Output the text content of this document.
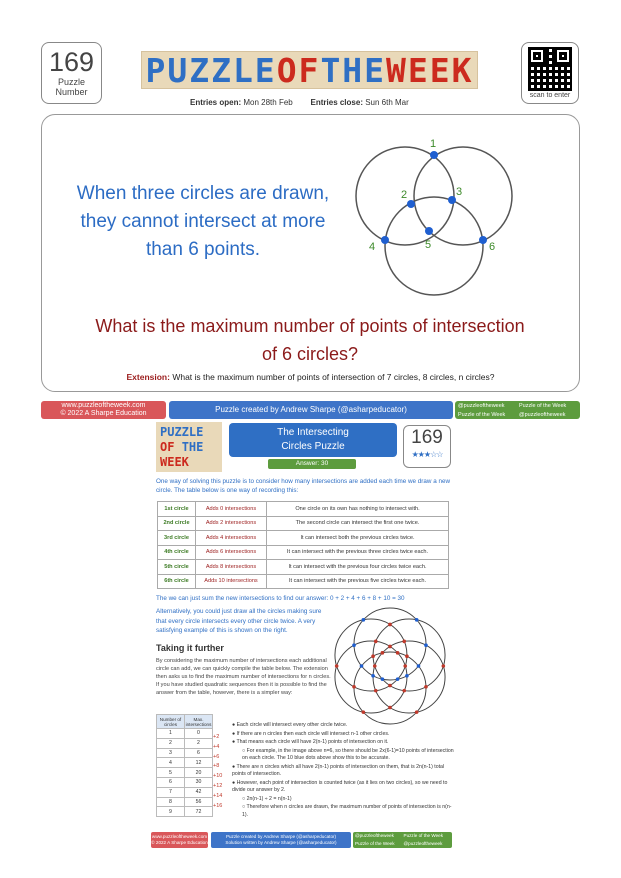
169
Puzzle
Number
PUZZLE OF THE WEEK
Entries open: Mon 28th Feb Entries close: Sun 6th Mar
scan to enter
When three circles are drawn, they cannot intersect at more than 6 points.
1
2	3
4	5	6
What is the maximum number of points of intersection of 6 circles?
Extension: What is the maximum number of points of intersection of 7 circles, 8 circles, n circles?
www.puzzleoftheweek.com
© 2022 A Sharpe Education	Puzzle created by Andrew Sharpe (@asharpeducator)	@puzzleoftheweek	Puzzle of the Week
Puzzle of the Week	@puzzleoftheweek
PUZZLE
OF THE
WEEK
The Intersecting
Circles Puzzle
Answer: 30
169
★★★☆☆
One way of solving this puzzle is to consider how many intersections are added each time we draw a new circle. The table below is one way of recording this:
1st circle	Adds 0 intersections	One circle on its own has nothing to intersect with.
2nd circle	Adds 2 intersections	The second circle can intersect the first one twice.
3rd circle	Adds 4 intersections	It can intersect both the previous circles twice.
4th circle	Adds 6 intersections	It can intersect with the previous three circles twice each.
5th circle	Adds 8 intersections	It can intersect with the previous four circles twice each.
6th circle	Adds 10 intersections	It can intersect with the previous five circles twice each.
The we can just sum the new intersections to find our answer: 0 + 2 + 4 + 6 + 8 + 10 = 30
Alternatively, you could just draw all the circles making sure that every circle intersects every other circle twice. A very satisfying example of this is shown on the right.
Taking it further
By considering the maximum number of intersections each additional circle can add, we can quickly compile the table below. The extension then asks us to find the maximum number of intersections for n circles. If you have studied quadratic sequences then it is possible to find the answer from the table, however, there is a simpler way:
Number of circles	Max. intersections
1	0
2	2
3	6
4	12
5	20
6	30
7	42
8	56
9	72
+2
+4
+6
+8
+10
+12
+14
+16
● Each circle will intersect every other circle twice.
● If there are n circles then each circle will intersect n-1 other circles.
● That means each circle will have 2(n-1) points of intersection on it.
○ For example, in the image above n=6, so there should be 2x(6-1)=10 points of intersection on each circle. The 10 blue dots above show this to be accurate.
● There are n circles which all have 2(n-1) points of intersection on them, that is 2n(n-1) total points of intersection.
● However, each point of intersection is counted twice (as it lies on two circles), so we need to divide our answer by 2.
○ 2n(n-1) ÷ 2 = n(n-1)
○ Therefore when n circles are drawn, the maximum number of points of intersection is n(n-1).
www.puzzleoftheweek.com
© 2022 A Sharpe Education
Puzzle created by Andrew Sharpe (@asharpeducator)
Solution written by Andrew Sharpe (@asharpeducator)
@puzzleoftheweek	Puzzle of the Week
Puzzle of the Week	@puzzleoftheweek
